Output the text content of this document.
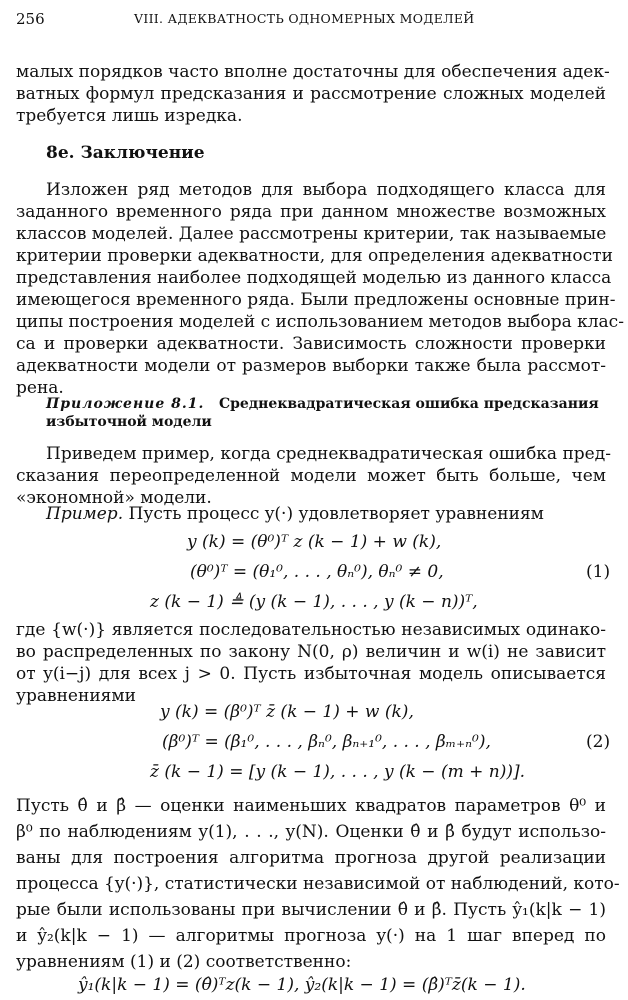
256	VIII. АДЕКВАТНОСТЬ ОДНОМЕРНЫХ МОДЕЛЕЙ
малых порядков часто вполне достаточны для обеспечения адек-
ватных формул предсказания и рассмотрение сложных моделей
требуется лишь изредка.
8е. Заключение
Изложен ряд методов для выбора подходящего класса для
заданного временного ряда при данном множестве возможных
классов моделей. Далее рассмотрены критерии, так называемые
критерии проверки адекватности, для определения адекватности
представления наиболее подходящей моделью из данного класса
имеющегося временного ряда. Были предложены основные прин-
ципы построения моделей с использованием методов выбора клас-
са и проверки адекватности. Зависимость сложности проверки
адекватности модели от размеров выборки также была рассмот-
рена.
Приложение 8.1. Среднеквадратическая ошибка предсказания
избыточной модели
Приведем пример, когда среднеквадратическая ошибка пред-
сказания переопределенной модели может быть больше, чем
«экономной» модели.
Пример. Пусть процесс y(·) удовлетворяет уравнениям
y (k) = (θ⁰)ᵀ z (k − 1) + w (k),
(θ⁰)ᵀ = (θ₁⁰, . . . , θₙ⁰), θₙ⁰ ≠ 0,
z (k − 1) ≜ (y (k − 1), . . . , y (k − n))ᵀ,
(1)
где {w(·)} является последовательностью независимых одинако-
во распределенных по закону N(0, ρ) величин и w(i) не зависит
от y(i−j) для всех j > 0. Пусть избыточная модель описывается
уравнениями
y (k) = (β⁰)ᵀ z̄ (k − 1) + w (k),
(β⁰)ᵀ = (β₁⁰, . . . , βₙ⁰, βₙ₊₁⁰, . . . , βₘ₊ₙ⁰),
z̄ (k − 1) = [y (k − 1), . . . , y (k − (m + n))].
(2)
Пусть θ̂ и β̂ — оценки наименьших квадратов параметров θ⁰ и
β⁰ по наблюдениям y(1), . . ., y(N). Оценки θ̂ и β̂ будут использо-
ваны для построения алгоритма прогноза другой реализации
процесса {y(·)}, статистически независимой от наблюдений, кото-
рые были использованы при вычислении θ̂ и β̂. Пусть ŷ₁(k|k − 1)
и ŷ₂(k|k − 1) — алгоритмы прогноза y(·) на 1 шаг вперед по
уравнениям (1) и (2) соответственно:
ŷ₁(k|k − 1) = (θ̂)ᵀz(k − 1), ŷ₂(k|k − 1) = (β̂)ᵀz̄(k − 1).
